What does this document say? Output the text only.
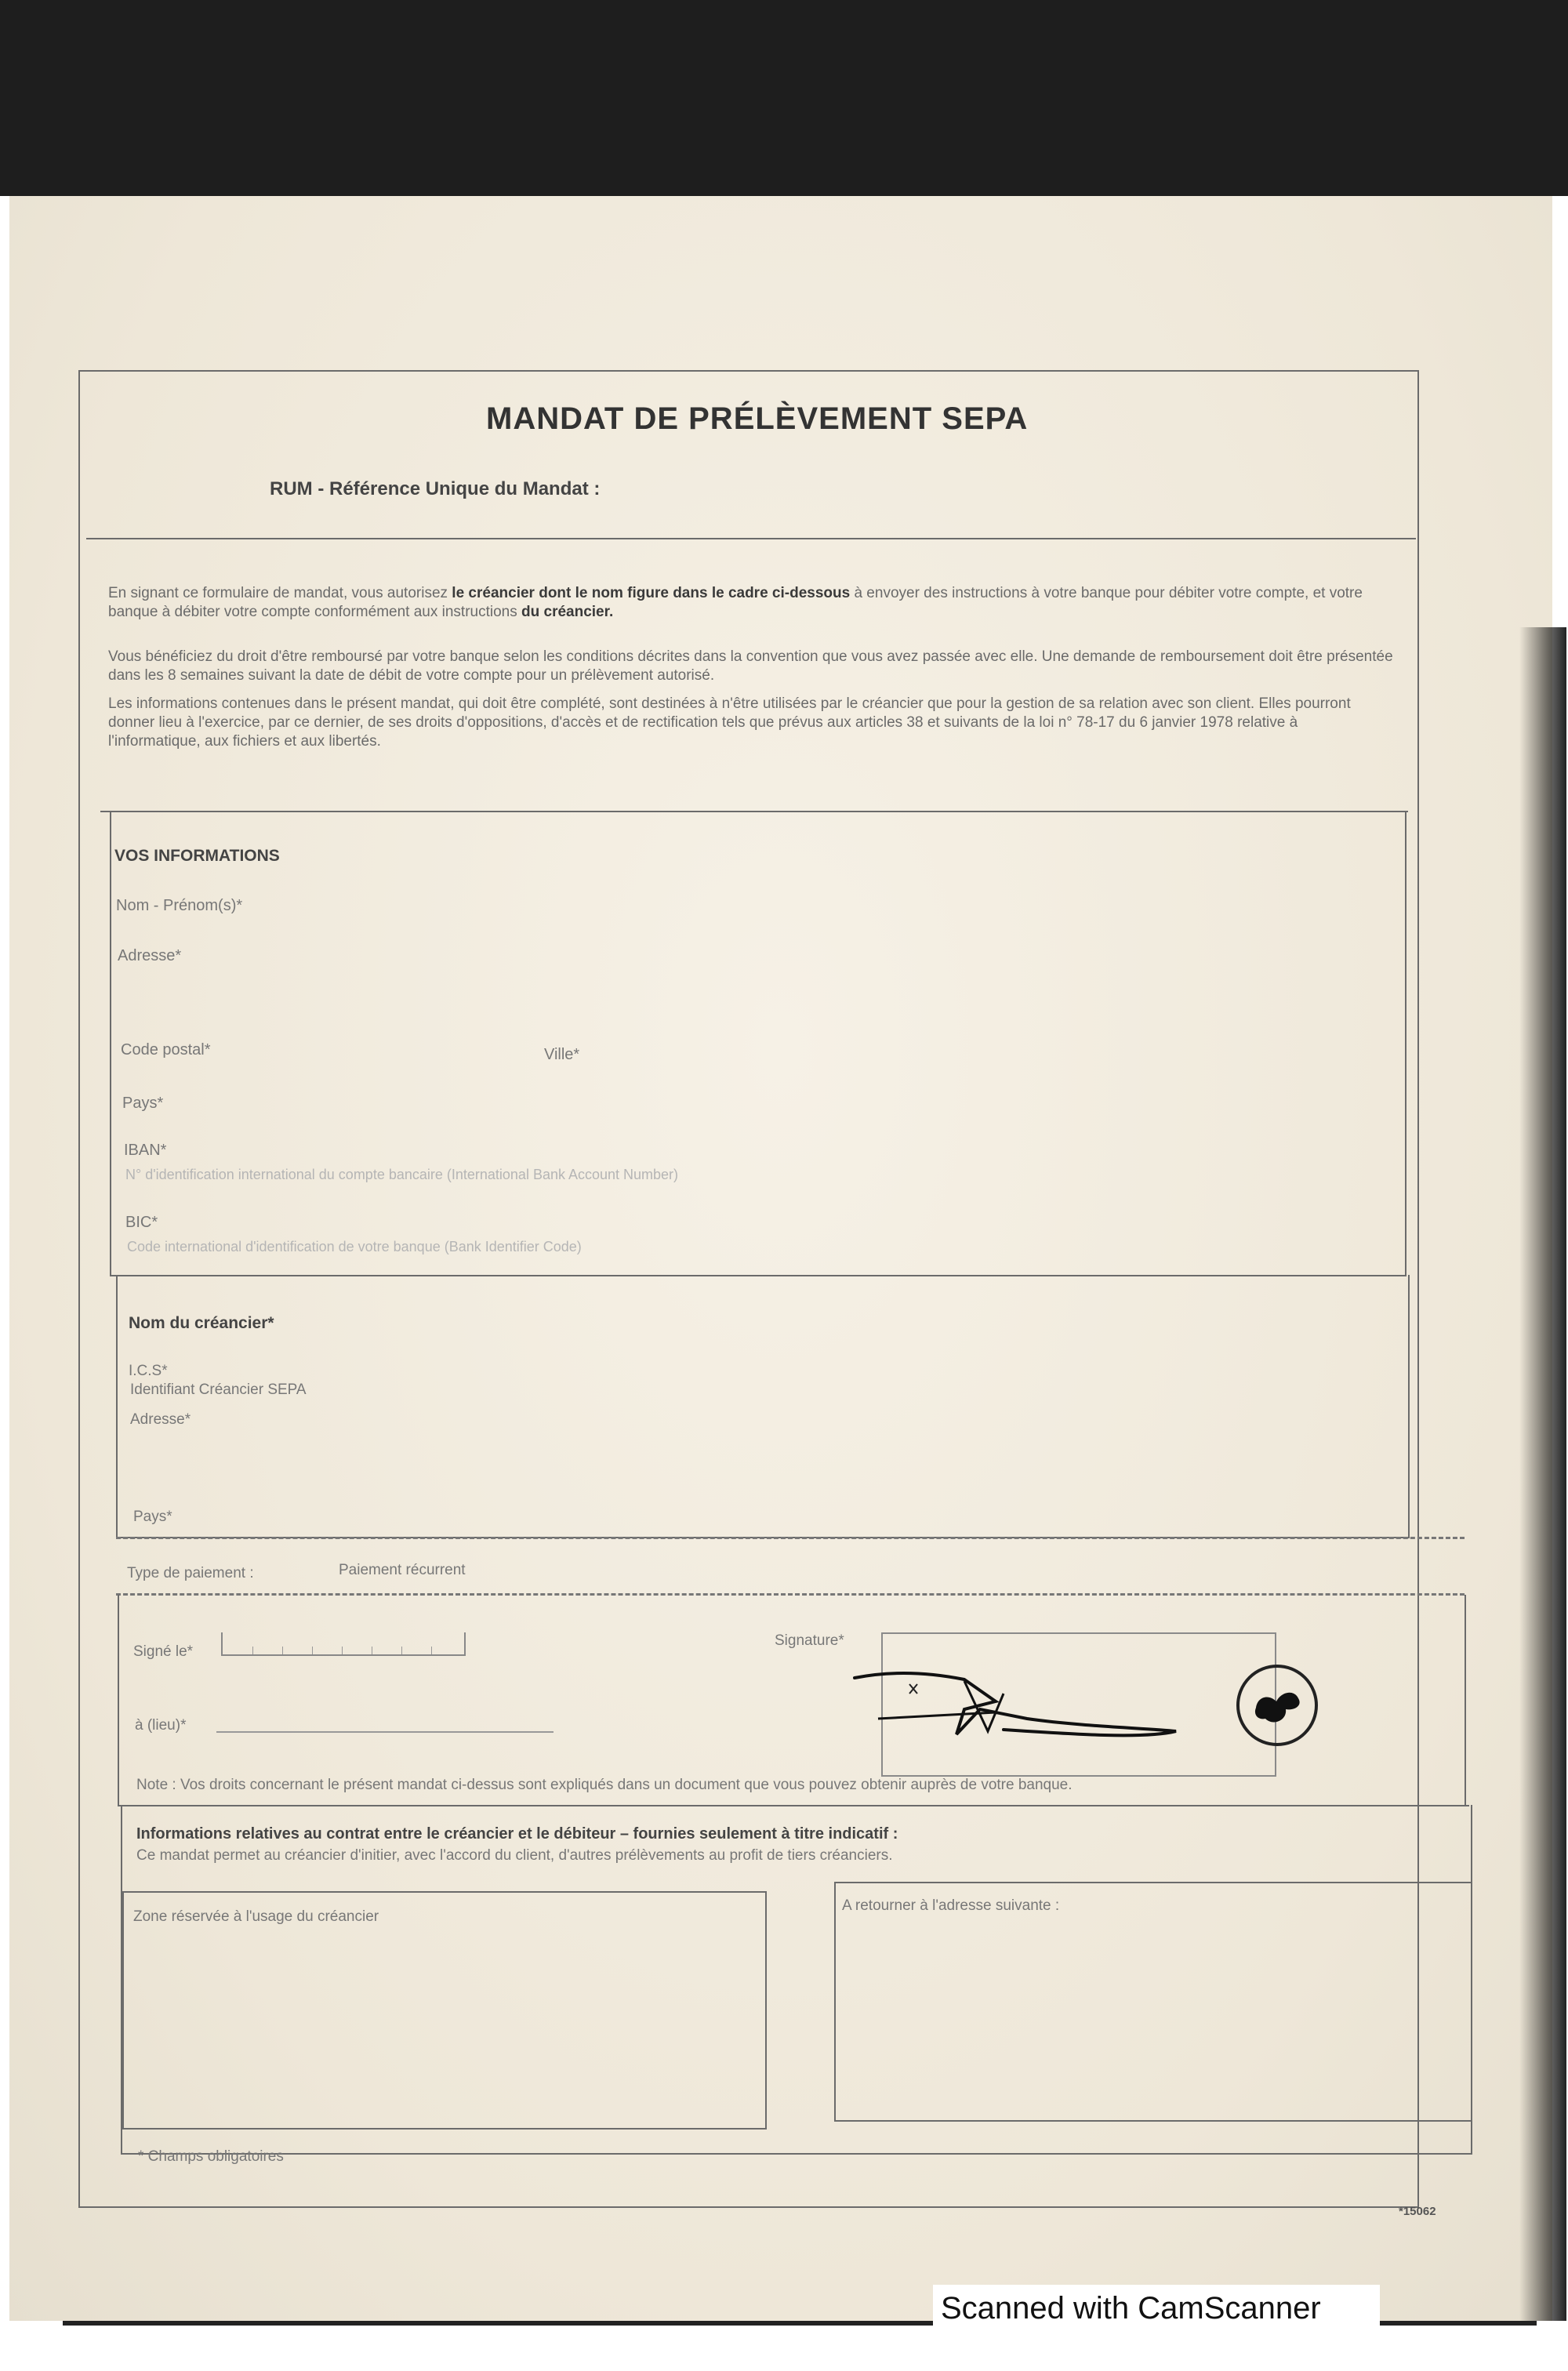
MANDAT DE PRÉLÈVEMENT SEPA
RUM - Référence Unique du Mandat :
En signant ce formulaire de mandat, vous autorisez le créancier dont le nom figure dans le cadre ci-dessous à envoyer des instructions à votre banque pour débiter votre compte, et votre banque à débiter votre compte conformément aux instructions du créancier.
Vous bénéficiez du droit d'être remboursé par votre banque selon les conditions décrites dans la convention que vous avez passée avec elle. Une demande de remboursement doit être présentée dans les 8 semaines suivant la date de débit de votre compte pour un prélèvement autorisé.
Les informations contenues dans le présent mandat, qui doit être complété, sont destinées à n'être utilisées par le créancier que pour la gestion de sa relation avec son client. Elles pourront donner lieu à l'exercice, par ce dernier, de ses droits d'oppositions, d'accès et de rectification tels que prévus aux articles 38 et suivants de la loi n° 78-17 du 6 janvier 1978 relative à l'informatique, aux fichiers et aux libertés.
VOS INFORMATIONS
Nom - Prénom(s)*
Adresse*
Code postal*	Ville*
Pays*
IBAN*
N° d'identification international du compte bancaire (International Bank Account Number)
BIC*
Code international d'identification de votre banque (Bank Identifier Code)
Nom du créancier*
I.C.S*
Identifiant Créancier SEPA
Adresse*
Pays*
Type de paiement :	Paiement récurrent
Signé le*
à (lieu)*
Signature*
Note : Vos droits concernant le présent mandat ci-dessus sont expliqués dans un document que vous pouvez obtenir auprès de votre banque.
Informations relatives au contrat entre le créancier et le débiteur – fournies seulement à titre indicatif :
Ce mandat permet au créancier d'initier, avec l'accord du client, d'autres prélèvements au profit de tiers créanciers.
Zone réservée à l'usage du créancier
A retourner à l'adresse suivante :
* Champs obligatoires
*15062
Scanned with CamScanner
